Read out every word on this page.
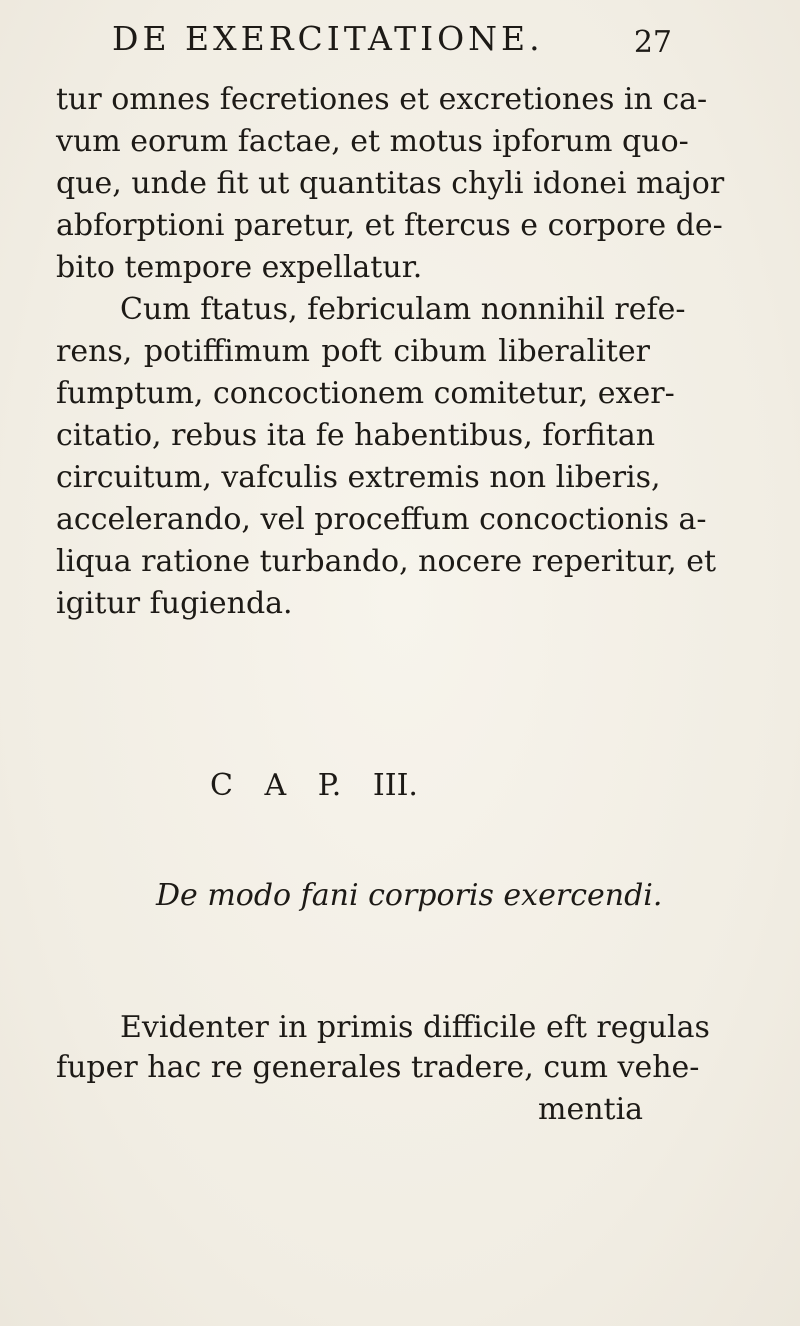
DE EXERCITATIONE.	27
tur omnes fecretiones et excretiones in ca-
vum eorum factae, et motus ipforum quo-
que, unde fit ut quantitas chyli idonei major
abforptioni paretur, et ftercus e corpore de-
bito tempore expellatur.
Cum ftatus, febriculam nonnihil refe-
rens, potiffimum poft cibum liberaliter
fumptum, concoctionem comitetur, exer-
citatio, rebus ita fe habentibus, forfitan
circuitum, vafculis extremis non liberis,
accelerando, vel proceffum concoctionis a-
liqua ratione turbando, nocere reperitur, et
igitur fugienda.
C A P. III.
De modo fani corporis exercendi.
Evidenter in primis difficile eft regulas
fuper hac re generales tradere, cum vehe-
mentia
